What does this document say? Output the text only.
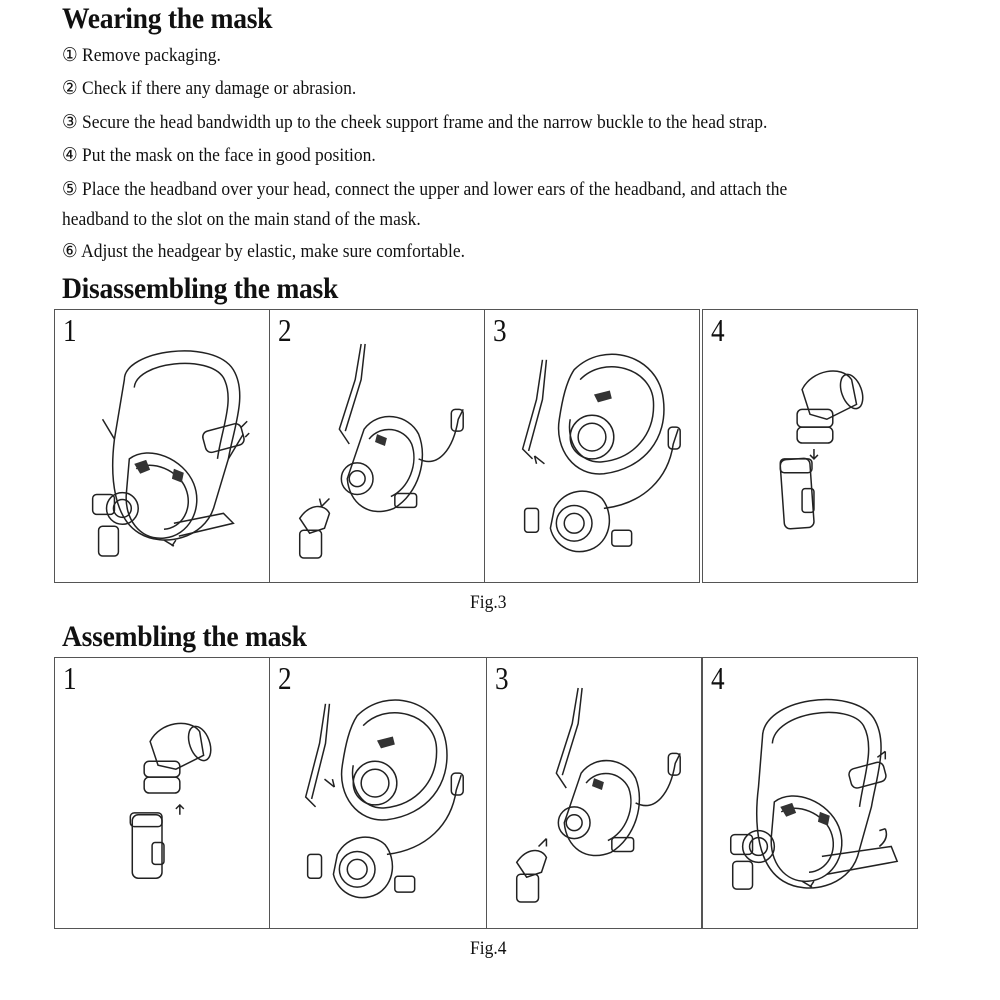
Wearing the mask
① Remove packaging.
② Check if there any damage or abrasion.
③ Secure the head bandwidth up to the cheek support frame and the narrow buckle to the head strap.
④ Put the mask on the face in good position.
⑤ Place the headband over your head, connect the upper and lower ears of the headband, and attach the
headband to the slot on the main stand of the mask.
⑥ Adjust the headgear by elastic, make sure comfortable.
Disassembling the mask
1	2	3	4
Fig.3
Assembling the mask
1	2	3	4
Fig.4
